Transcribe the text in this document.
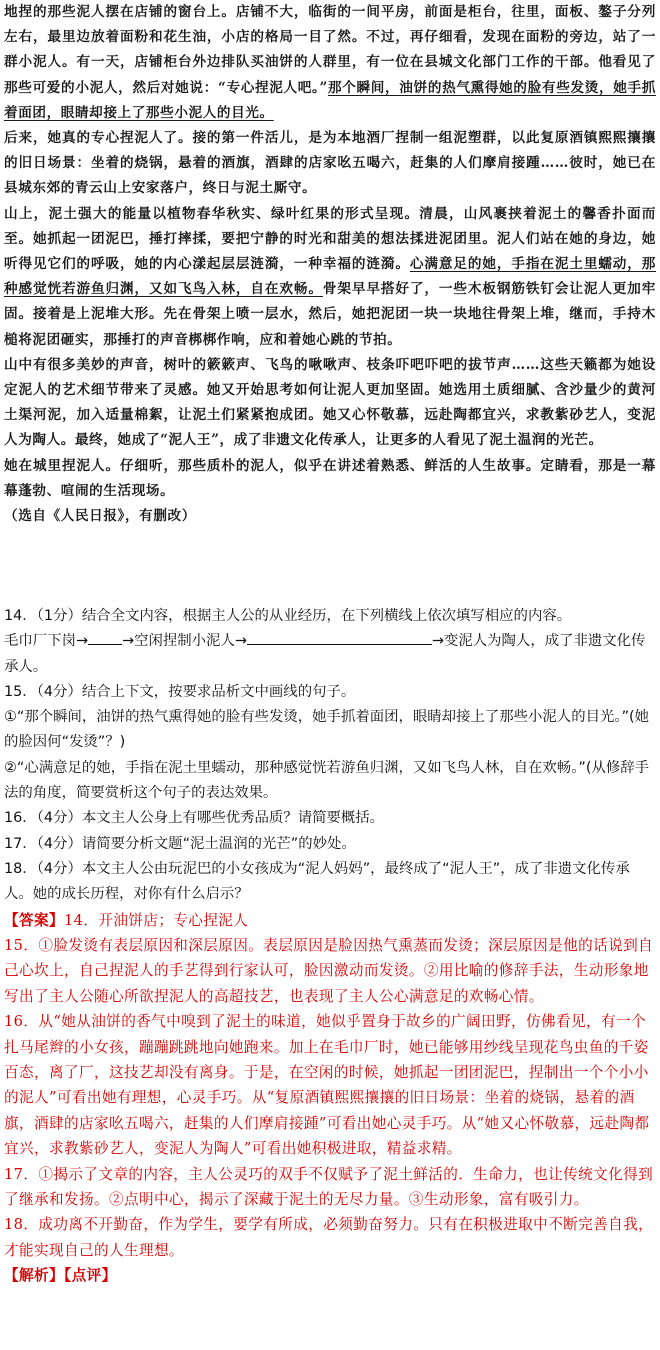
地捏的那些泥人摆在店铺的窗台上。店铺不大，临街的一间平房，前面是柜台，往里，面板、鏊子分列左右，最里边放着面粉和花生油，小店的格局一目了然。不过，再仔细看，发现在面粉的旁边，站了一群小泥人。有一天，店铺柜台外边排队买油饼的人群里，有一位在县城文化部门工作的干部。他看见了那些可爱的小泥人，然后对她说：“专心捏泥人吧。”那个瞬间，油饼的热气熏得她的脸有些发烫，她手抓着面团，眼睛却接上了那些小泥人的目光。

后来，她真的专心捏泥人了。接的第一件活儿，是为本地酒厂捏制一组泥塑群，以此复原酒镇熙熙攘攘的旧日场景：坐着的烧锅，悬着的酒旗，酒肆的店家吆五喝六，赶集的人们摩肩接踵……彼时，她已在县城东郊的青云山上安家落户，终日与泥土厮守。

山上，泥土强大的能量以植物春华秋实、绿叶红果的形式呈现。清晨，山风裹挟着泥土的馨香扑面而至。她抓起一团泥巴，捶打摔揉，要把宁静的时光和甜美的想法揉进泥团里。泥人们站在她的身边，她听得见它们的呼吸，她的内心漾起层层涟漪，一种幸福的涟漪。心满意足的她，手指在泥土里蠕动，那种感觉恍若游鱼归渊，又如飞鸟入林，自在欢畅。骨架早早搭好了，一些木板钢筋铁钉会让泥人更加牢固。接着是上泥堆大形。先在骨架上喷一层水，然后，她把泥团一块一块地往骨架上堆，继而，手持木槌将泥团砸实，那捶打的声音梆梆作响，应和着她心跳的节拍。

山中有很多美妙的声音，树叶的簌簌声、飞鸟的啾啾声、枝条吓吧吓吧的拔节声……这些天籁都为她设定泥人的艺术细节带来了灵感。她又开始思考如何让泥人更加坚固。她选用土质细腻、含沙量少的黄河土渠河泥，加入适量棉絮，让泥土们紧紧抱成团。她又心怀敬慕，远赴陶都宜兴，求教紫砂艺人，变泥人为陶人。最终，她成了“泥人王”，成了非遗文化传承人，让更多的人看见了泥土温润的光芒。

她在城里捏泥人。仔细听，那些质朴的泥人，似乎在讲述着熟悉、鲜活的人生故事。定睛看，那是一幕幕蓬勃、喧闹的生活现场。

（选自《人民日报》，有删改）

14．（1分）结合全文内容，根据主人公的从业经历，在下列横线上依次填写相应的内容。

毛巾厂下岗→ →空闲捏制小泥人→	→变泥人为陶人，成了非遗文化传承人。

15．（4分）结合上下文，按要求品析文中画线的句子。

①“那个瞬间，油饼的热气熏得她的脸有些发烫，她手抓着面团，眼睛却接上了那些小泥人的目光。”(她的脸因何“发烫”？)

②“心满意足的她，手指在泥土里蠕动，那种感觉恍若游鱼归渊，又如飞鸟人林，自在欢畅。”(从修辞手法的角度，简要赏析这个句子的表达效果。

16．（4分）本文主人公身上有哪些优秀品质？请简要概括。

17．（4分）请简要分析文题“泥土温润的光芒”的妙处。

18．（4分）本文主人公由玩泥巴的小女孩成为“泥人妈妈”，最终成了“泥人王”，成了非遗文化传承人。她的成长历程，对你有什么启示？

【答案】14．开油饼店；专心捏泥人

15．①脸发烫有表层原因和深层原因。表层原因是脸因热气熏蒸而发烫；深层原因是他的话说到自己心坎上，自己捏泥人的手艺得到行家认可，脸因激动而发烫。②用比喻的修辞手法，生动形象地写出了主人公随心所欲捏泥人的高超技艺，也表现了主人公心满意足的欢畅心情。

16．从“她从油饼的香气中嗅到了泥土的味道，她似乎置身于故乡的广阔田野，仿佛看见，有一个扎马尾辫的小女孩，蹦蹦跳跳地向她跑来。加上在毛巾厂时，她已能够用纱线呈现花鸟虫鱼的千姿百态，离了厂，这技艺却没有离身。于是，在空闲的时候，她抓起一团团泥巴，捏制出一个个小小的泥人”可看出她有理想，心灵手巧。从“复原酒镇熙熙攘攘的旧日场景：坐着的烧锅，悬着的酒旗，酒肆的店家吆五喝六，赶集的人们摩肩接踵”可看出她心灵手巧。从“她又心怀敬慕，远赴陶都宜兴，求教紫砂艺人，变泥人为陶人”可看出她积极进取，精益求精。

17．①揭示了文章的内容，主人公灵巧的双手不仅赋予了泥土鲜活的．生命力，也让传统文化得到了继承和发扬。②点明中心，揭示了深藏于泥土的无尽力量。③生动形象，富有吸引力。

18．成功离不开勤奋，作为学生，要学有所成，必须勤奋努力。只有在积极进取中不断完善自我，才能实现自己的人生理想。

【解析】【点评】
